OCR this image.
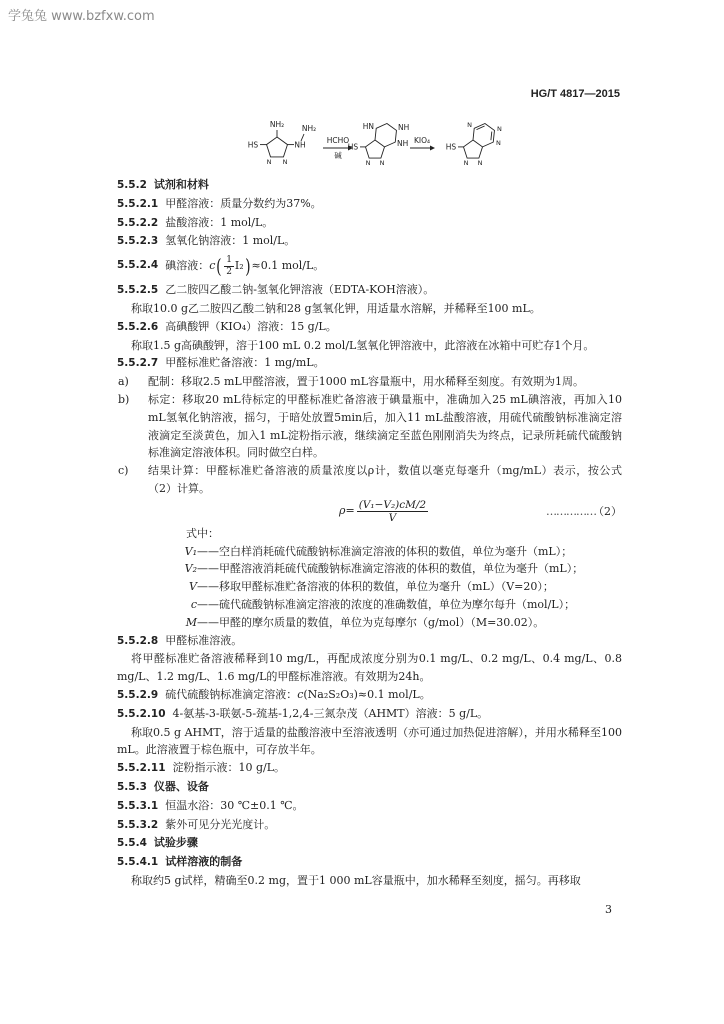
学兔兔 www.bzfxw.com
HG/T 4817—2015
NH₂ NH₂
NH
HS
N N
HCHO
碱
HN	NH
NH
HS
N N
KIO₄
HS
N	N
N
N N
5.5.2 试剂和材料
5.5.2.1 甲醛溶液：质量分数约为37%。
5.5.2.2 盐酸溶液：1 mol/L。
5.5.2.3 氢氧化钠溶液：1 mol/L。
5.5.2.4 碘溶液： c ( $\frac{1}{2} I_2$ ) ≈0.1 mol/L。
5.5.2.5 乙二胺四乙酸二钠-氢氧化钾溶液（EDTA-KOH溶液）。
称取10.0 g乙二胺四乙酸二钠和28 g氢氧化钾，用适量水溶解，并稀释至100 mL。
5.5.2.6 高碘酸钾（KIO₄）溶液：15 g/L。
称取1.5 g高碘酸钾，溶于100 mL 0.2 mol/L氢氧化钾溶液中，此溶液在冰箱中可贮存1个月。
5.5.2.7 甲醛标准贮备溶液：1 mg/mL。
a)	配制：移取2.5 mL甲醛溶液，置于1000 mL容量瓶中，用水稀释至刻度。有效期为1周。
b)	标定：移取20 mL待标定的甲醛标准贮备溶液于碘量瓶中，准确加入25 mL碘溶液，再加入10 mL氢氧化钠溶液，摇匀，于暗处放置5min后，加入11 mL盐酸溶液，用硫代硫酸钠标准滴定溶液滴定至淡黄色，加入1 mL淀粉指示液，继续滴定至蓝色刚刚消失为终点，记录所耗硫代硫酸钠标准滴定溶液体积。同时做空白样。
c)	结果计算：甲醛标准贮备溶液的质量浓度以ρ计，数值以毫克每毫升（mg/mL）表示，按公式（2）计算。
$\rho= \frac{\text{(V₁−V₂)cM/2}}{V}$	……………
（2）
式中：
V₁ ——空白样消耗硫代硫酸钠标准滴定溶液的体积的数值，单位为毫升（mL）；
V₂ ——甲醛溶液消耗硫代硫酸钠标准滴定溶液的体积的数值，单位为毫升（mL）；
V ——移取甲醛标准贮备溶液的体积的数值，单位为毫升（mL）（V=20）；
c ——硫代硫酸钠标准滴定溶液的浓度的准确数值，单位为摩尔每升（mol/L）；
M ——甲醛的摩尔质量的数值，单位为克每摩尔（g/mol）（M=30.02）。
5.5.2.8 甲醛标准溶液。
将甲醛标准贮备溶液稀释到10 mg/L，再配成浓度分别为0.1 mg/L、0.2 mg/L、0.4 mg/L、0.8 mg/L、1.2 mg/L、1.6 mg/L的甲醛标准溶液。有效期为24h。
5.5.2.9 硫代硫酸钠标准滴定溶液：c(Na₂S₂O₃)≈0.1 mol/L。
5.5.2.10 4-氨基-3-联氨-5-巯基-1,2,4-三氮杂茂（AHMT）溶液：5 g/L。
称取0.5 g AHMT，溶于适量的盐酸溶液中至溶液透明（亦可通过加热促进溶解），并用水稀释至100 mL。此溶液置于棕色瓶中，可存放半年。
5.5.2.11 淀粉指示液：10 g/L。
5.5.3 仪器、设备
5.5.3.1 恒温水浴：30 ℃±0.1 ℃。
5.5.3.2 紫外可见分光光度计。
5.5.4 试验步骤
5.5.4.1 试样溶液的制备
称取约5 g试样，精确至0.2 mg，置于1 000 mL容量瓶中，加水稀释至刻度，摇匀。再移取
3
